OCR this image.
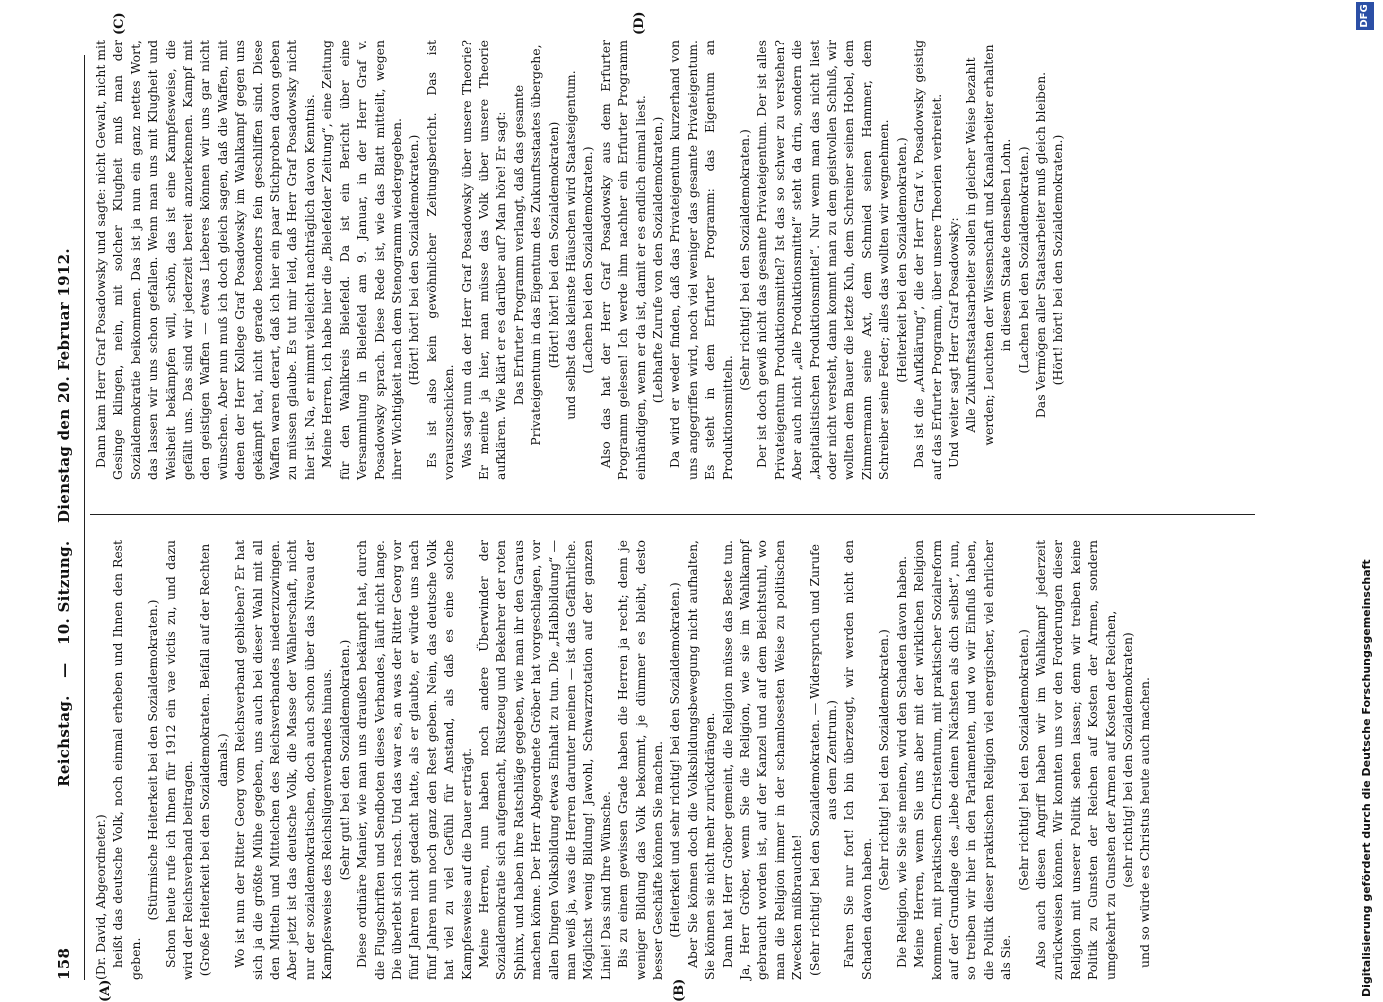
158
Reichstag. — 10. Sitzung. Dienstag den 20. Februar 1912.
(A)	(B)
(C)	(D)

(Dr. David, Abgeordneter.) heißt das deutsche Volk, noch einmal erheben und Ihnen den Rest geben.

(Stürmische Heiterkeit bei den Sozialdemokraten.) Schon heute rufe ich Ihnen für 1912 ein vae victis zu, und dazu wird der Reichsverband beitragen. (Große Heiterkeit bei den Sozialdemokraten. Beifall auf der Rechten damals.) Wo ist nun der Ritter Georg vom Reichsverband geblieben? Er hat sich ja die größte Mühe gegeben, uns auch bei dieser Wahl mit all den Mitteln und Mittelchen des Reichsverbandes niederzuzwingen. Aber jetzt ist das deutsche Volk, die Masse der Wählerschaft, nicht nur der sozialdemokratischen, doch auch schon über das Niveau der Kampfesweise des Reichslügenverbandes hinaus. (Sehr gut! bei den Sozialdemokraten.) Diese ordinäre Manier, wie man uns draußen bekämpft hat, durch die Flugschriften und Sendboten dieses Verbandes, läuft nicht lange. Die überlebt sich rasch. Und das war es, an was der Ritter Georg vor fünf Jahren nicht gedacht hatte, als er glaubte, er würde uns nach fünf Jahren nun noch ganz den Rest geben. Nein, das deutsche Volk hat viel zu viel Gefühl für Anstand, als daß es eine solche Kampfesweise auf die Dauer erträgt. Meine Herren, nun haben noch andere Überwinder der Sozialdemokratie sich aufgemacht, Rüstzeug und Bekehrer der roten Sphinx, und haben ihre Ratschläge gegeben, wie man ihr den Garaus machen könne. Der Herr Abgeordnete Gröber hat vorgeschlagen, vor allen Dingen Volksbildung etwas Einhalt zu tun. Die „Halbbildung“ — man weiß ja, was die Herren darunter meinen — ist das Gefährliche. Möglichst wenig Bildung! Jawohl, Schwarzrotation auf der ganzen Linie! Das sind Ihre Wünsche. Bis zu einem gewissen Grade haben die Herren ja recht; denn je weniger Bildung das Volk bekommt, je dümmer es bleibt, desto besser Geschäfte können Sie machen. (Heiterkeit und sehr richtig! bei den Sozialdemokraten.) Aber Sie können doch die Volksbildungsbewegung nicht aufhalten, Sie können sie nicht mehr zurückdrängen. Dann hat Herr Gröber gemeint, die Religion müsse das Beste tun. Ja, Herr Gröber, wenn Sie die Religion, wie sie im Wahlkampf gebraucht worden ist, auf der Kanzel und auf dem Beichtstuhl, wo man die Religion immer in der schamlosesten Weise zu politischen Zwecken mißbrauchte! (Sehr richtig! bei den Sozialdemokraten. — Widerspruch und Zurufe aus dem Zentrum.) Fahren Sie nur fort! Ich bin überzeugt, wir werden nicht den Schaden davon haben.

(Sehr richtig! bei den Sozialdemokraten.) Die Religion, wie Sie sie meinen, wird den Schaden davon haben. Meine Herren, wenn Sie uns aber mit der wirklichen Religion kommen, mit praktischem Christentum, mit praktischer Sozialreform auf der Grundlage des „liebe deinen Nächsten als dich selbst“, nun, so treiben wir hier in den Parlamenten, und wo wir Einfluß haben, die Politik dieser praktischen Religion viel energischer, viel ehrlicher als Sie.

(Sehr richtig! bei den Sozialdemokraten.) Also auch diesen Angriff haben wir im Wahlkampf jederzeit zurückweisen können. Wir konnten uns vor den Forderungen dieser Religion mit unserer Politik sehen lassen; denn wir treiben keine Politik zu Gunsten der Reichen auf Kosten der Armen, sondern umgekehrt zu Gunsten der Armen auf Kosten der Reichen, (sehr richtig! bei den Sozialdemokraten) und so würde es Christus heute auch machen.

Dann kam Herr Graf Posadowsky und sagte: nicht Gewalt, nicht mit Gesinge klingen, nein, mit solcher Klugheit muß man der Sozialdemokratie beikommen. Das ist ja nun ein ganz nettes Wort, das lassen wir uns schon gefallen. Wenn man uns mit Klugheit und Weisheit bekämpfen will, schön, das ist eine Kampfesweise, die gefällt uns. Das sind wir jederzeit bereit anzuerkennen. Kampf mit den geistigen Waffen — etwas Lieberes können wir uns gar nicht wünschen. Aber nun muß ich doch gleich sagen, daß die Waffen, mit denen der Herr Kollege Graf Posadowsky im Wahlkampf gegen uns gekämpft hat, nicht gerade besonders fein geschliffen sind. Diese Waffen waren derart, daß ich hier ein paar Stichproben davon geben zu müssen glaube. Es tut mir leid, daß Herr Graf Posadowsky nicht hier ist. Na, er nimmt vielleicht nachträglich davon Kenntnis. Meine Herren, ich habe hier die „Bielefelder Zeitung“, eine Zeitung für den Wahlkreis Bielefeld. Da ist ein Bericht über eine Versammlung in Bielefeld am 9. Januar, in der Herr Graf v. Posadowsky sprach. Diese Rede ist, wie das Blatt mitteilt, wegen ihrer Wichtigkeit nach dem Stenogramm wiedergegeben. (Hört! hört! bei den Sozialdemokraten.) Es ist also kein gewöhnlicher Zeitungsbericht. Das ist vorauszuschicken. Was sagt nun da der Herr Graf Posadowsky über unsere Theorie? Er meinte ja hier, man müsse das Volk über unsere Theorie aufklären. Wie klärt er es darüber auf? Man höre! Er sagt: Das Erfurter Programm verlangt, daß das gesamte Privateigentum in das Eigentum des Zukunftsstaates übergehe, (Hört! hört! bei den Sozialdemokraten) und selbst das kleinste Häuschen wird Staatseigentum. (Lachen bei den Sozialdemokraten.) Also das hat der Herr Graf Posadowsky aus dem Erfurter Programm gelesen! Ich werde ihm nachher ein Erfurter Programm einhändigen, wenn er da ist, damit er es endlich einmal liest. (Lebhafte Zurufe von den Sozialdemokraten.) Da wird er weder finden, daß das Privateigentum kurzerhand von uns angegriffen wird, noch viel weniger das gesamte Privateigentum. Es steht in dem Erfurter Programm: das Eigentum an Produktionsmitteln.

(Sehr richtig! bei den Sozialdemokraten.) Der ist doch gewiß nicht das gesamte Privateigentum. Der ist alles Privateigentum Produktionsmittel? Ist das so schwer zu verstehen? Aber auch nicht „alle Produktionsmittel“ steht da drin, sondern die „kapitalistischen Produktionsmittel“. Nur wenn man das nicht liest oder nicht versteht, dann kommt man zu dem geistvollen Schluß, wir wollten dem Bauer die letzte Kuh, dem Schreiner seinen Hobel, dem Zimmermann seine Axt, dem Schmied seinen Hammer, dem Schreiber seine Feder; alles das wollten wir wegnehmen. (Heiterkeit bei den Sozialdemokraten.) Das ist die „Aufklärung“, die der Herr Graf v. Posadowsky geistig auf das Erfurter Programm, über unsere Theorien verbreitet. Und weiter sagt Herr Graf Posadowsky: Alle Zukunftsstaatsarbeiter sollen in gleicher Weise bezahlt werden; Leuchten der Wissenschaft und Kanalarbeiter erhalten in diesem Staate denselben Lohn. (Lachen bei den Sozialdemokraten.) Das Vermögen aller Staatsarbeiter muß gleich bleiben. (Hört! hört! bei den Sozialdemokraten.)

Digitalisierung gefördert durch die Deutsche Forschungsgemeinschaft
DFG
